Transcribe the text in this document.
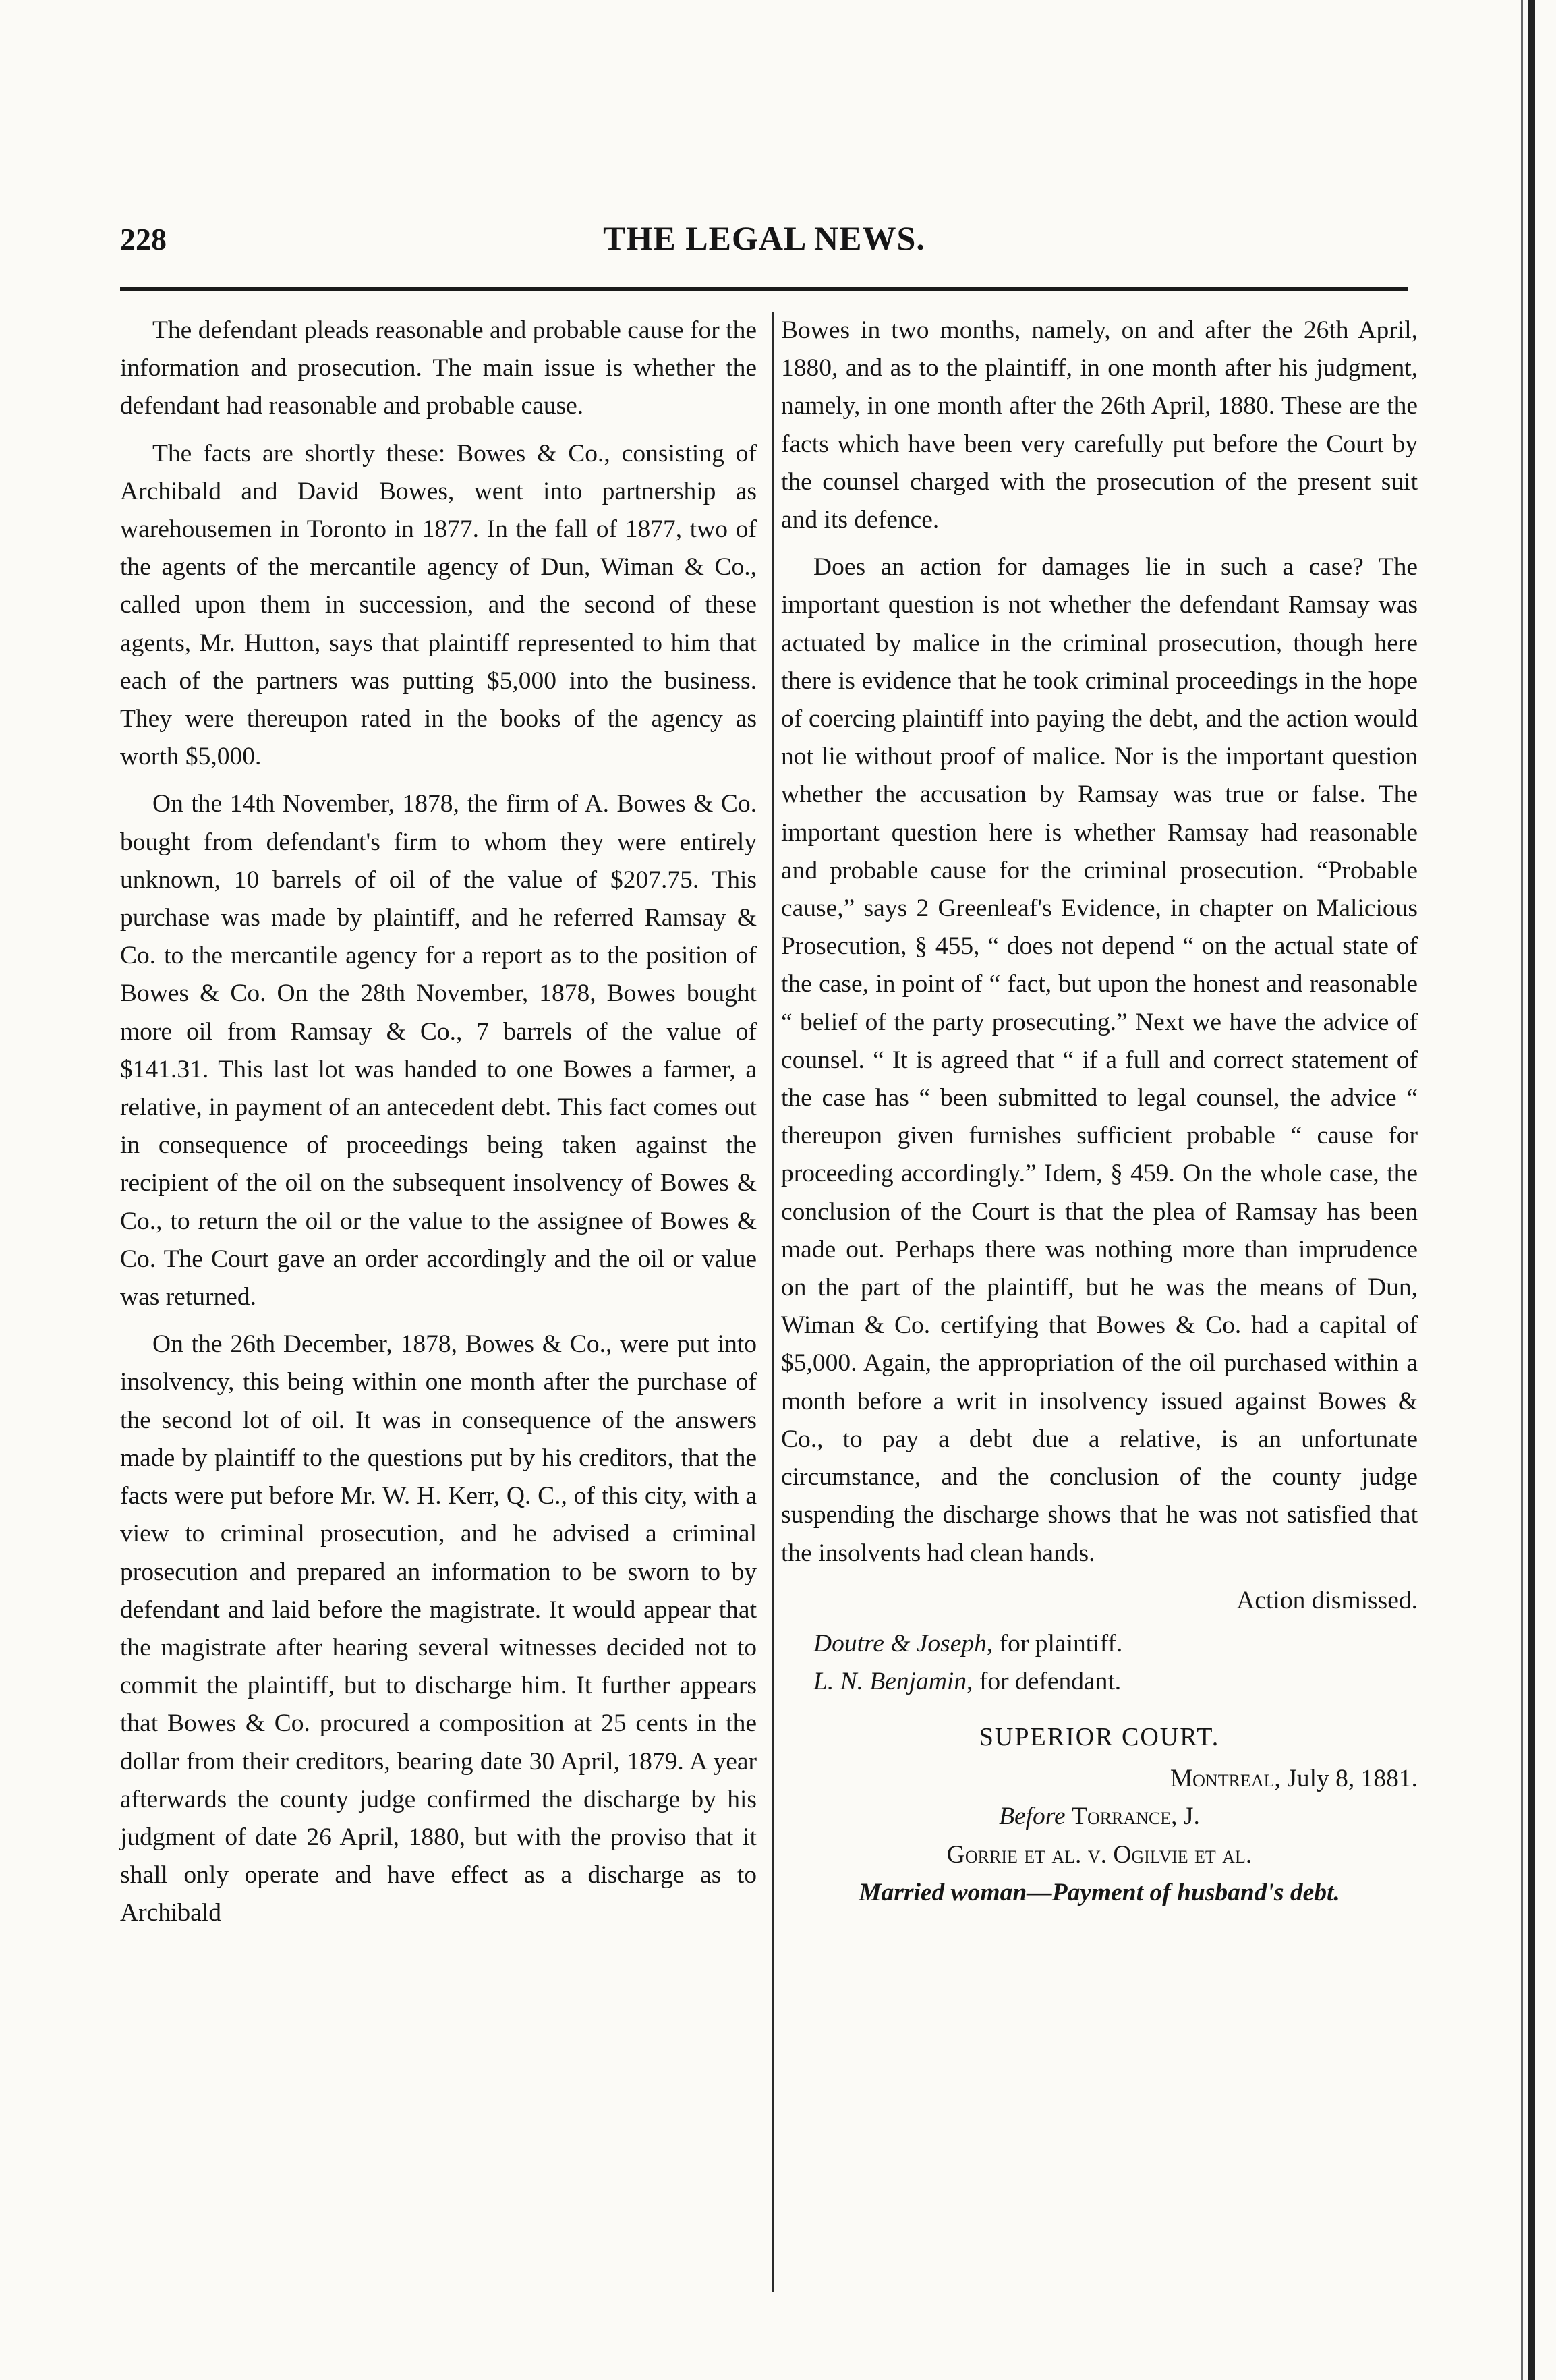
228	THE LEGAL NEWS.

The defendant pleads reasonable and probable cause for the information and prosecution. The main issue is whether the defendant had reasonable and probable cause.

The facts are shortly these: Bowes & Co., consisting of Archibald and David Bowes, went into partnership as warehousemen in Toronto in 1877. In the fall of 1877, two of the agents of the mercantile agency of Dun, Wiman & Co., called upon them in succession, and the second of these agents, Mr. Hutton, says that plaintiff represented to him that each of the partners was putting $5,000 into the business. They were thereupon rated in the books of the agency as worth $5,000.

On the 14th November, 1878, the firm of A. Bowes & Co. bought from defendant's firm to whom they were entirely unknown, 10 barrels of oil of the value of $207.75. This purchase was made by plaintiff, and he referred Ramsay & Co. to the mercantile agency for a report as to the position of Bowes & Co. On the 28th November, 1878, Bowes bought more oil from Ramsay & Co., 7 barrels of the value of $141.31. This last lot was handed to one Bowes a farmer, a relative, in payment of an antecedent debt. This fact comes out in consequence of proceedings being taken against the recipient of the oil on the subsequent insolvency of Bowes & Co., to return the oil or the value to the assignee of Bowes & Co. The Court gave an order accordingly and the oil or value was returned.

On the 26th December, 1878, Bowes & Co., were put into insolvency, this being within one month after the purchase of the second lot of oil. It was in consequence of the answers made by plaintiff to the questions put by his creditors, that the facts were put before Mr. W. H. Kerr, Q. C., of this city, with a view to criminal prosecution, and he advised a criminal prosecution and prepared an information to be sworn to by defendant and laid before the magistrate. It would appear that the magistrate after hearing several witnesses decided not to commit the plaintiff, but to discharge him. It further appears that Bowes & Co. procured a composition at 25 cents in the dollar from their creditors, bearing date 30 April, 1879. A year afterwards the county judge confirmed the discharge by his judgment of date 26 April, 1880, but with the proviso that it shall only operate and have effect as a discharge as to Archibald

Bowes in two months, namely, on and after the 26th April, 1880, and as to the plaintiff, in one month after his judgment, namely, in one month after the 26th April, 1880. These are the facts which have been very carefully put before the Court by the counsel charged with the prosecution of the present suit and its defence.

Does an action for damages lie in such a case? The important question is not whether the defendant Ramsay was actuated by malice in the criminal prosecution, though here there is evidence that he took criminal proceedings in the hope of coercing plaintiff into paying the debt, and the action would not lie without proof of malice. Nor is the important question whether the accusation by Ramsay was true or false. The important question here is whether Ramsay had reasonable and probable cause for the criminal prosecution. “Probable cause,” says 2 Greenleaf's Evidence, in chapter on Malicious Prosecution, § 455, “ does not depend “ on the actual state of the case, in point of “ fact, but upon the honest and reasonable “ belief of the party prosecuting.” Next we have the advice of counsel. “ It is agreed that “ if a full and correct statement of the case has “ been submitted to legal counsel, the advice “ thereupon given furnishes sufficient probable “ cause for proceeding accordingly.” Idem, § 459. On the whole case, the conclusion of the Court is that the plea of Ramsay has been made out. Perhaps there was nothing more than imprudence on the part of the plaintiff, but he was the means of Dun, Wiman & Co. certifying that Bowes & Co. had a capital of $5,000. Again, the appropriation of the oil purchased within a month before a writ in insolvency issued against Bowes & Co., to pay a debt due a relative, is an unfortunate circumstance, and the conclusion of the county judge suspending the discharge shows that he was not satisfied that the insolvents had clean hands.

Action dismissed.
Doutre & Joseph, for plaintiff.
L. N. Benjamin, for defendant.
SUPERIOR COURT.
Montreal, July 8, 1881.
Before Torrance, J.
Gorrie et al. v. Ogilvie et al.
Married woman—Payment of husband's debt.
